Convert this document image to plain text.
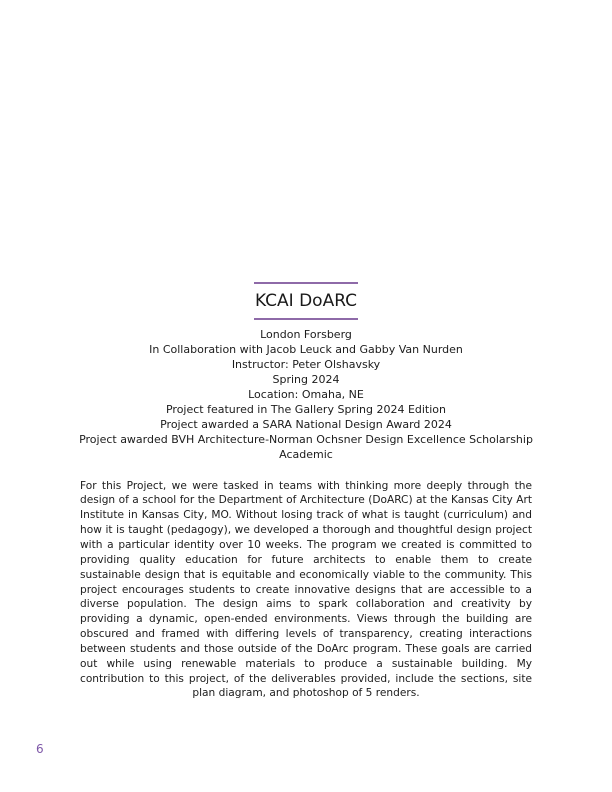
KCAI DoARC
London Forsberg
In Collaboration with Jacob Leuck and Gabby Van Nurden
Instructor: Peter Olshavsky
Spring 2024
Location: Omaha, NE
Project featured in The Gallery Spring 2024 Edition
Project awarded a SARA National Design Award 2024
Project awarded BVH Architecture-Norman Ochsner Design Excellence Scholarship
Academic

For this Project, we were tasked in teams with thinking more deeply through the design of a school for the Department of Architecture (DoARC) at the Kansas City Art Institute in Kansas City, MO. Without losing track of what is taught (curriculum) and how it is taught (pedagogy), we developed a thorough and thoughtful design project with a particular identity over 10 weeks. The program we created is committed to providing quality education for future architects to enable them to create sustainable design that is equitable and economically viable to the community. This project encourages students to create innovative designs that are accessible to a diverse population. The design aims to spark collaboration and creativity by providing a dynamic, open-ended environments. Views through the building are obscured and framed with differing levels of transparency, creating interactions between students and those outside of the DoArc program. These goals are carried out while using renewable materials to produce a sustainable building. My contribution to this project, of the deliverables provided, include the sections, site plan diagram, and photoshop of 5 renders.

6
